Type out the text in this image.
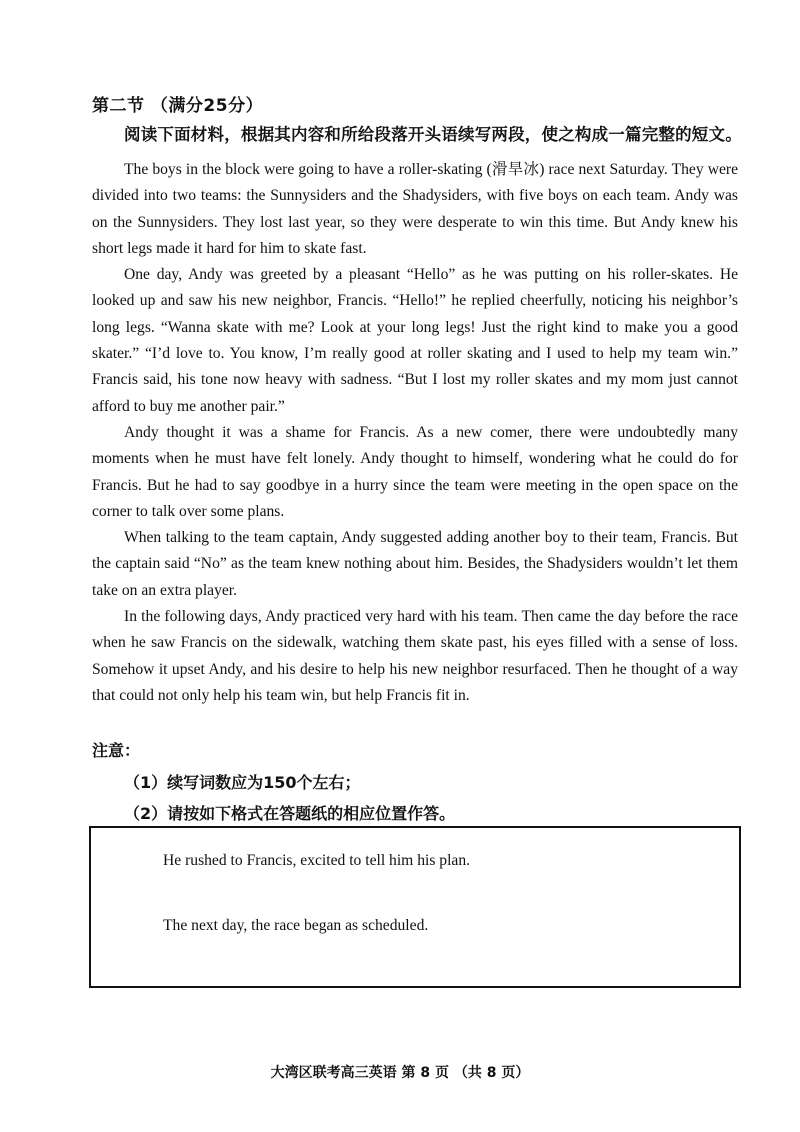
第二节 （满分25分）
阅读下面材料，根据其内容和所给段落开头语续写两段，使之构成一篇完整的短文。

The boys in the block were going to have a roller-skating (滑旱冰) race next Saturday. They were divided into two teams: the Sunnysiders and the Shadysiders, with five boys on each team. Andy was on the Sunnysiders. They lost last year, so they were desperate to win this time. But Andy knew his short legs made it hard for him to skate fast.

One day, Andy was greeted by a pleasant “Hello” as he was putting on his roller-skates. He looked up and saw his new neighbor, Francis. “Hello!” he replied cheerfully, noticing his neighbor’s long legs. “Wanna skate with me? Look at your long legs! Just the right kind to make you a good skater.” “I’d love to. You know, I’m really good at roller skating and I used to help my team win.” Francis said, his tone now heavy with sadness. “But I lost my roller skates and my mom just cannot afford to buy me another pair.”

Andy thought it was a shame for Francis. As a new comer, there were undoubtedly many moments when he must have felt lonely. Andy thought to himself, wondering what he could do for Francis. But he had to say goodbye in a hurry since the team were meeting in the open space on the corner to talk over some plans.

When talking to the team captain, Andy suggested adding another boy to their team, Francis. But the captain said “No” as the team knew nothing about him. Besides, the Shadysiders wouldn’t let them take on an extra player.

In the following days, Andy practiced very hard with his team. Then came the day before the race when he saw Francis on the sidewalk, watching them skate past, his eyes filled with a sense of loss. Somehow it upset Andy, and his desire to help his new neighbor resurfaced. Then he thought of a way that could not only help his team win, but help Francis fit in.

注意：
（1）续写词数应为150个左右；
（2）请按如下格式在答题纸的相应位置作答。
He rushed to Francis, excited to tell him his plan.
The next day, the race began as scheduled.
大湾区联考高三英语 第 8 页 （共 8 页）
